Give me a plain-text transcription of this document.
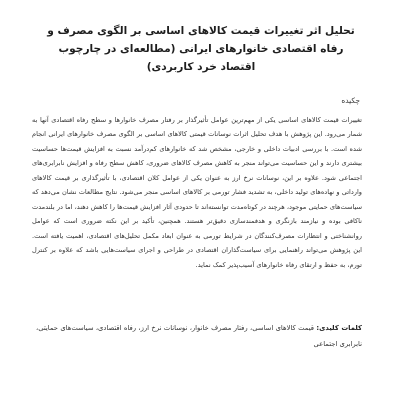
تحلیل اثر تغییرات قیمت کالاهای اساسی بر الگوی مصرف و رفاه اقتصادی خانوارهای ایرانی (مطالعه‌ای در چارچوب اقتصاد خرد کاربردی)
چکیده

تغییرات قیمت کالاهای اساسی یکی از مهم‌ترین عوامل تأثیرگذار بر رفتار مصرف خانوارها و سطح رفاه اقتصادی آنها به شمار می‌رود. این پژوهش با هدف تحلیل اثرات نوسانات قیمتی کالاهای اساسی بر الگوی مصرف خانوارهای ایرانی انجام شده است. با بررسی ادبیات داخلی و خارجی، مشخص شد که خانوارهای کم‌درآمد نسبت به افزایش قیمت‌ها حساسیت بیشتری دارند و این حساسیت می‌تواند منجر به کاهش مصرف کالاهای ضروری، کاهش سطح رفاه و افزایش نابرابری‌های اجتماعی شود. علاوه بر این، نوسانات نرخ ارز به عنوان یکی از عوامل کلان اقتصادی، با تأثیرگذاری بر قیمت کالاهای وارداتی و نهاده‌های تولید داخلی، به تشدید فشار تورمی بر کالاهای اساسی منجر می‌شود. نتایج مطالعات نشان می‌دهد که سیاست‌های حمایتی موجود، هرچند در کوتاه‌مدت توانسته‌اند تا حدودی آثار افزایش قیمت‌ها را کاهش دهند، اما در بلندمدت ناکافی بوده و نیازمند بازنگری و هدفمندسازی دقیق‌تر هستند. همچنین، تأکید بر این نکته ضروری است که عوامل روانشناختی و انتظارات مصرف‌کنندگان در شرایط تورمی به عنوان ابعاد مکمل تحلیل‌های اقتصادی، اهمیت یافته است. این پژوهش می‌تواند راهنمایی برای سیاست‌گذاران اقتصادی در طراحی و اجرای سیاست‌هایی باشد که علاوه بر کنترل تورم، به حفظ و ارتقای رفاه خانوارهای آسیب‌پذیر کمک نماید.

کلمات کلیدی: قیمت کالاهای اساسی، رفتار مصرف خانوار، نوسانات نرخ ارز، رفاه اقتصادی، سیاست‌های حمایتی، نابرابری اجتماعی
